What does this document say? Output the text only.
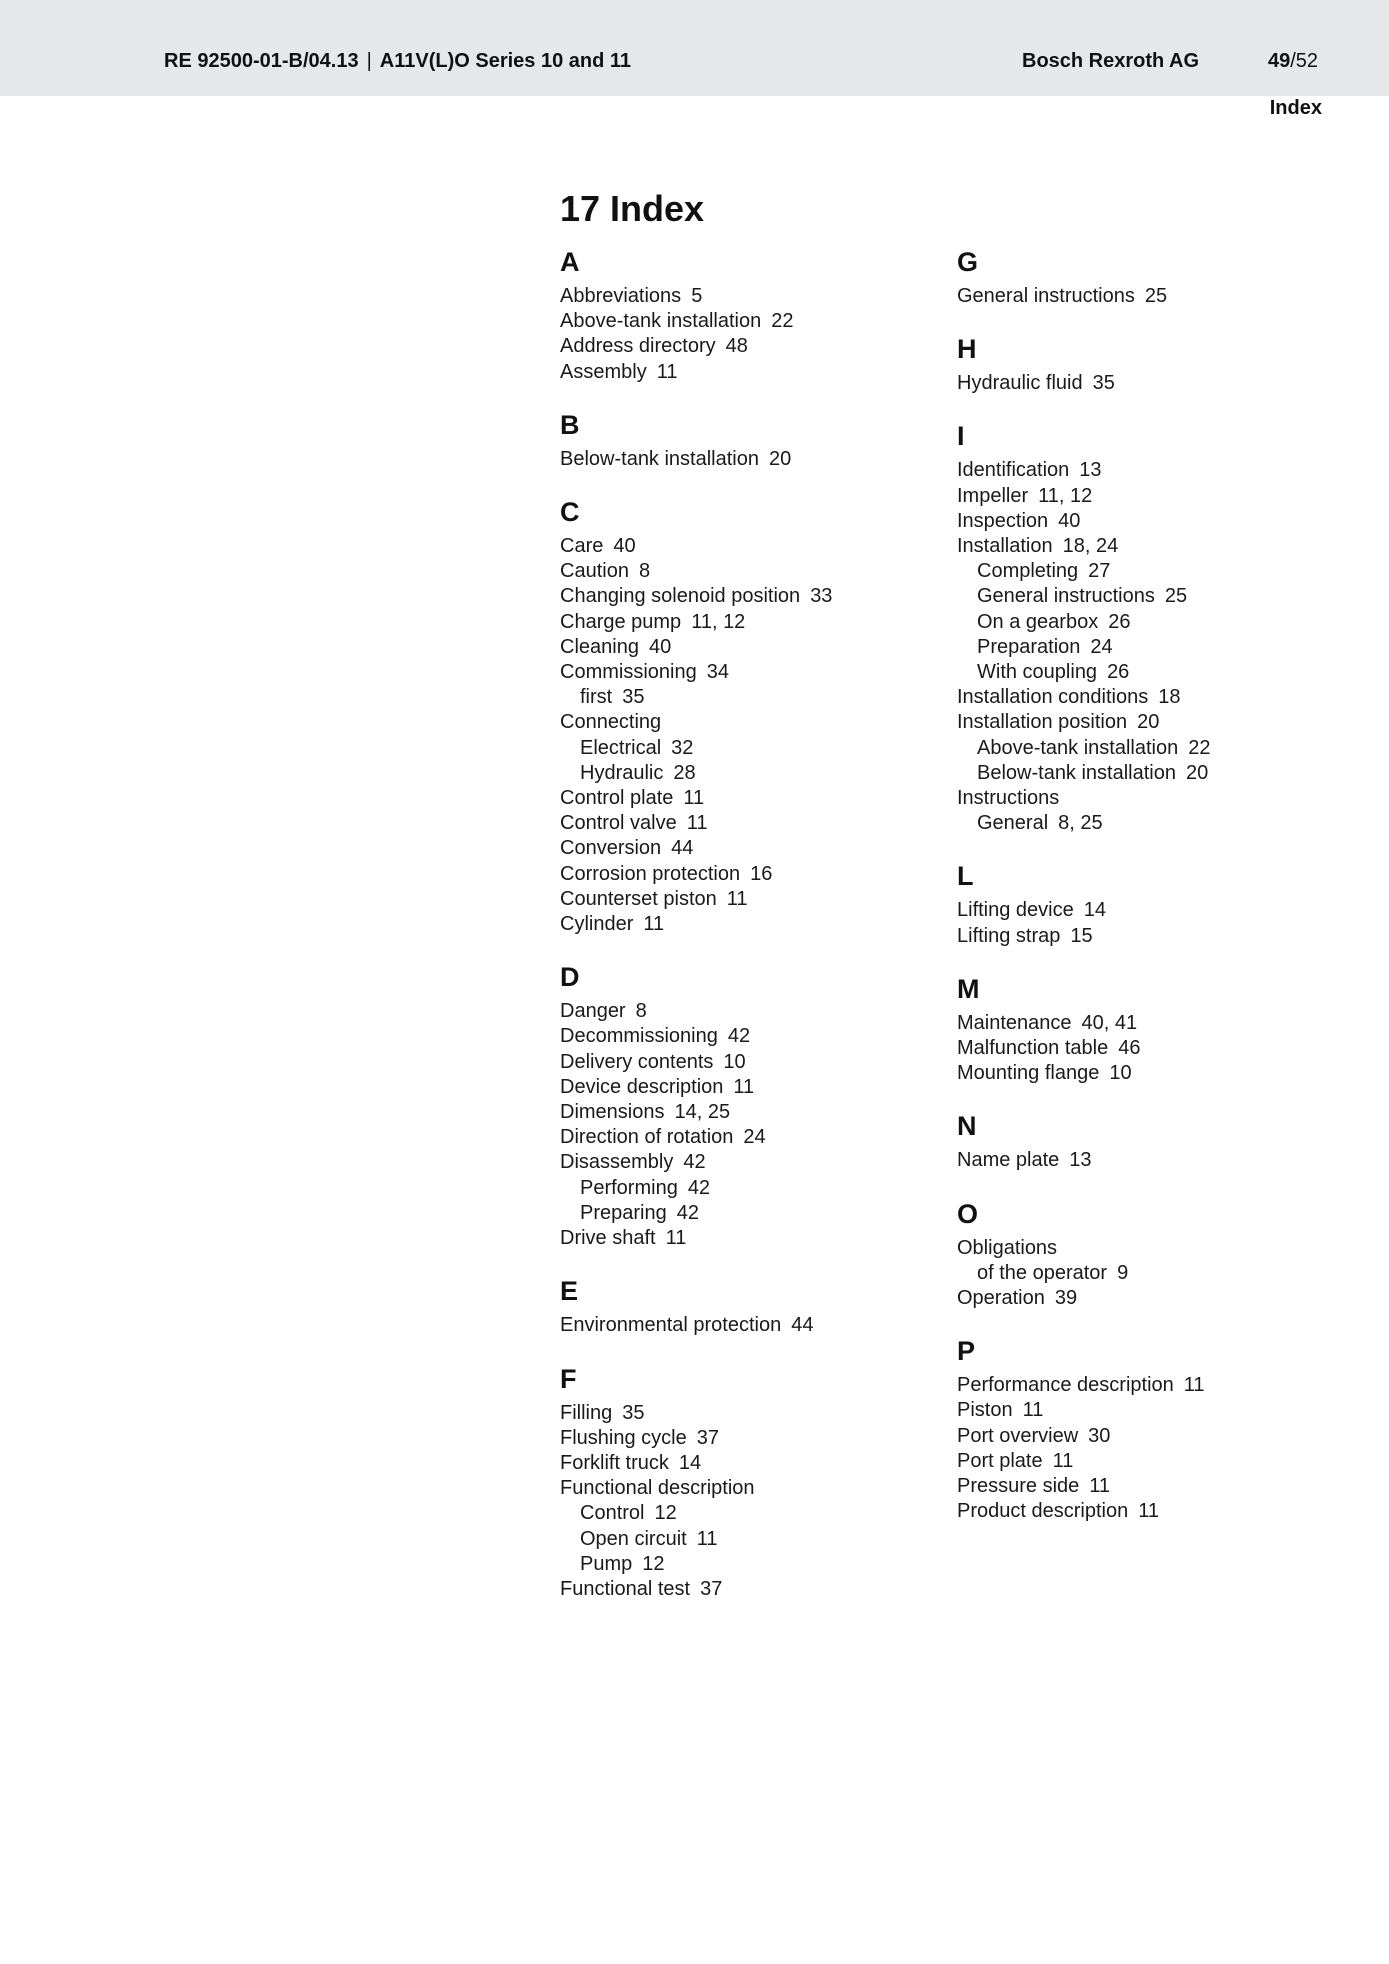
RE 92500-01-B/04.13 | A11V(L)O Series 10 and 11	Bosch Rexroth AG	49/52
Index
17 Index
A
Abbreviations 5
Above-tank installation 22
Address directory 48
Assembly 11
B
Below-tank installation 20
C
Care 40
Caution 8
Changing solenoid position 33
Charge pump 11, 12
Cleaning 40
Commissioning 34
first 35
Connecting
Electrical 32
Hydraulic 28
Control plate 11
Control valve 11
Conversion 44
Corrosion protection 16
Counterset piston 11
Cylinder 11
D
Danger 8
Decommissioning 42
Delivery contents 10
Device description 11
Dimensions 14, 25
Direction of rotation 24
Disassembly 42
Performing 42
Preparing 42
Drive shaft 11
E
Environmental protection 44
F
Filling 35
Flushing cycle 37
Forklift truck 14
Functional description
Control 12
Open circuit 11
Pump 12
Functional test 37
G
General instructions 25
H
Hydraulic fluid 35
I
Identification 13
Impeller 11, 12
Inspection 40
Installation 18, 24
Completing 27
General instructions 25
On a gearbox 26
Preparation 24
With coupling 26
Installation conditions 18
Installation position 20
Above-tank installation 22
Below-tank installation 20
Instructions
General 8, 25
L
Lifting device 14
Lifting strap 15
M
Maintenance 40, 41
Malfunction table 46
Mounting flange 10
N
Name plate 13
O
Obligations
of the operator 9
Operation 39
P
Performance description 11
Piston 11
Port overview 30
Port plate 11
Pressure side 11
Product description 11
